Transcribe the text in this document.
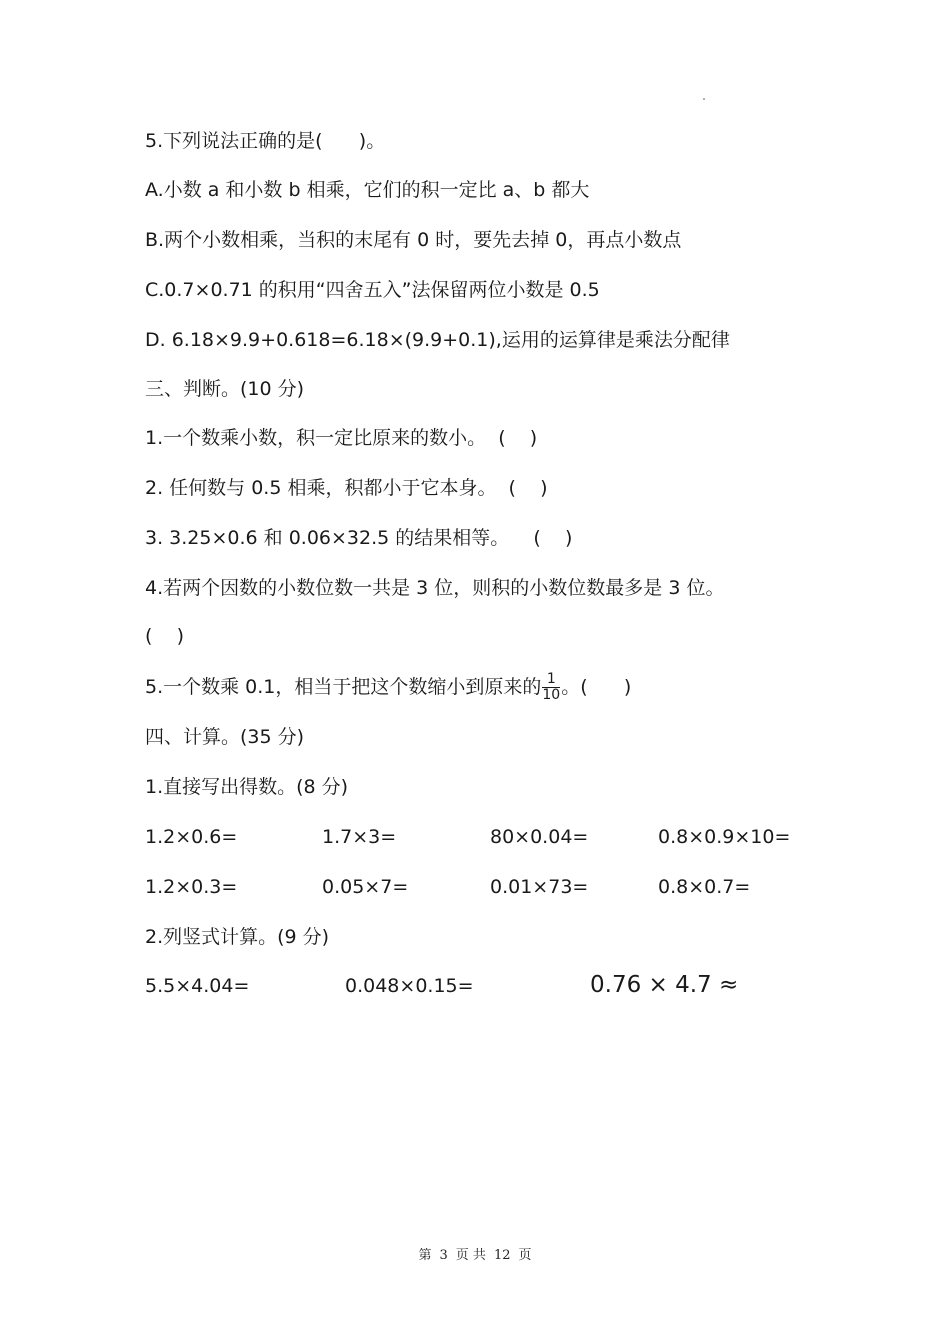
5.下列说法正确的是(      )。
A.小数 a 和小数 b 相乘，它们的积一定比 a、b 都大
B.两个小数相乘，当积的末尾有 0 时，要先去掉 0，再点小数点
C.0.7×0.71 的积用“四舍五入”法保留两位小数是 0.5
D. 6.18×9.9+0.618=6.18×(9.9+0.1),运用的运算律是乘法分配律
三、判断。(10 分)
1.一个数乘小数，积一定比原来的数小。  (    )
2. 任何数与 0.5 相乘，积都小于它本身。  (    )
3. 3.25×0.6 和 0.06×32.5 的结果相等。    (    )
4.若两个因数的小数位数一共是 3 位，则积的小数位数最多是 3 位。
(    )
5.一个数乘 0.1，相当于把这个数缩小到原来的 $\frac{1}{10}$ 。(      )
四、计算。(35 分)
1.直接写出得数。(8 分)
1.2×0.6=	1.7×3=	80×0.04=	0.8×0.9×10=
1.2×0.3=	0.05×7=	0.01×73=	0.8×0.7=
2.列竖式计算。(9 分)
5.5×4.04=	0.048×0.15=	0.76 × 4.7 ≈
第 3 页 共 12 页
